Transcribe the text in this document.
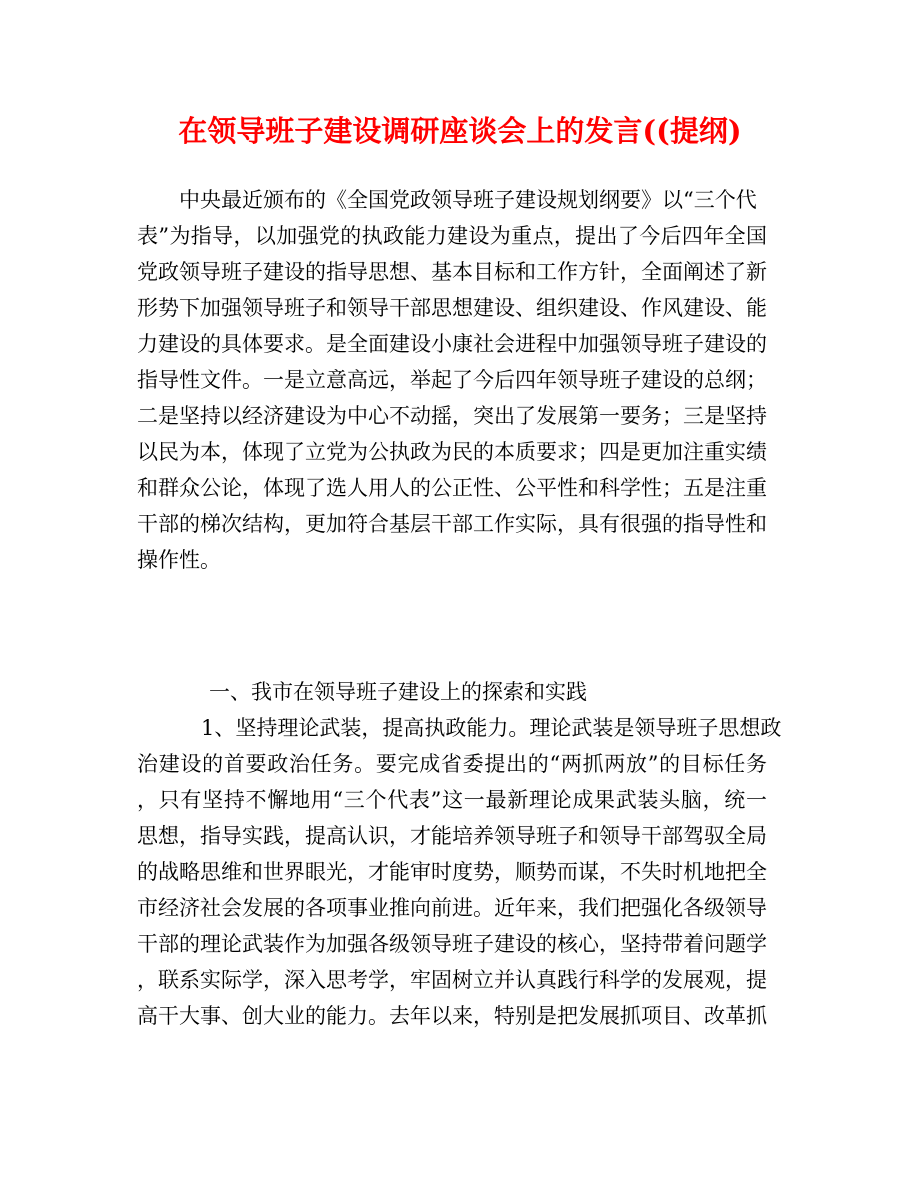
在领导班子建设调研座谈会上的发言((提纲)
中央最近颁布的《全国党政领导班子建设规划纲要》以“三个代
表”为指导，以加强党的执政能力建设为重点，提出了今后四年全国
党政领导班子建设的指导思想、基本目标和工作方针，全面阐述了新
形势下加强领导班子和领导干部思想建设、组织建设、作风建设、能
力建设的具体要求。是全面建设小康社会进程中加强领导班子建设的
指导性文件。一是立意高远，举起了今后四年领导班子建设的总纲；
二是坚持以经济建设为中心不动摇，突出了发展第一要务；三是坚持
以民为本，体现了立党为公执政为民的本质要求；四是更加注重实绩
和群众公论，体现了选人用人的公正性、公平性和科学性；五是注重
干部的梯次结构，更加符合基层干部工作实际，具有很强的指导性和
操作性。
一、我市在领导班子建设上的探索和实践
1、坚持理论武装，提高执政能力。理论武装是领导班子思想政
治建设的首要政治任务。要完成省委提出的“两抓两放”的目标任务
，只有坚持不懈地用“三个代表”这一最新理论成果武装头脑，统一
思想，指导实践，提高认识，才能培养领导班子和领导干部驾驭全局
的战略思维和世界眼光，才能审时度势，顺势而谋，不失时机地把全
市经济社会发展的各项事业推向前进。近年来，我们把强化各级领导
干部的理论武装作为加强各级领导班子建设的核心，坚持带着问题学
，联系实际学，深入思考学，牢固树立并认真践行科学的发展观，提
高干大事、创大业的能力。去年以来，特别是把发展抓项目、改革抓
